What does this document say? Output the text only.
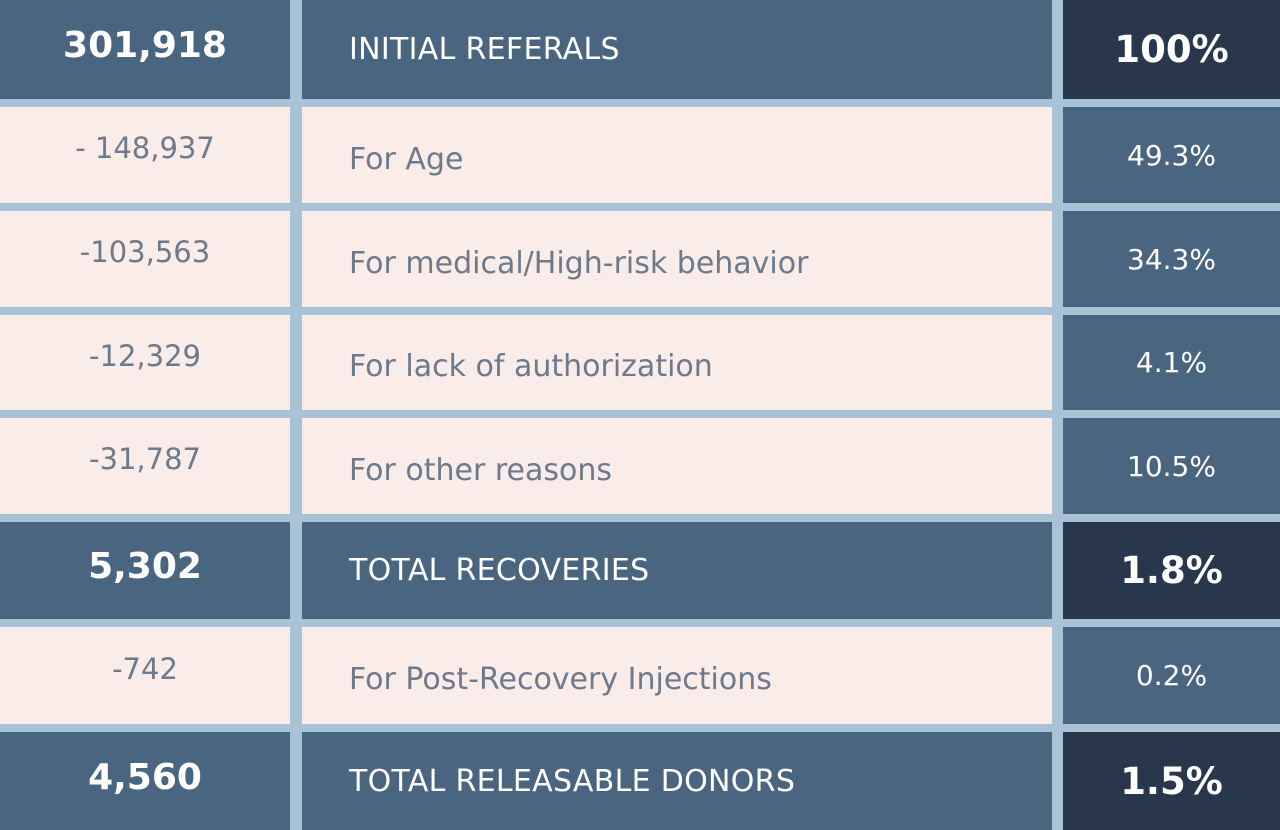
301,918	INITIAL REFERALS	100%
- 148,937	For Age	49.3%
-103,563	For medical/High-risk behavior	34.3%
-12,329	For lack of authorization	4.1%
-31,787	For other reasons	10.5%
5,302	TOTAL RECOVERIES	1.8%
-742	For Post-Recovery Injections	0.2%
4,560	TOTAL RELEASABLE DONORS	1.5%
